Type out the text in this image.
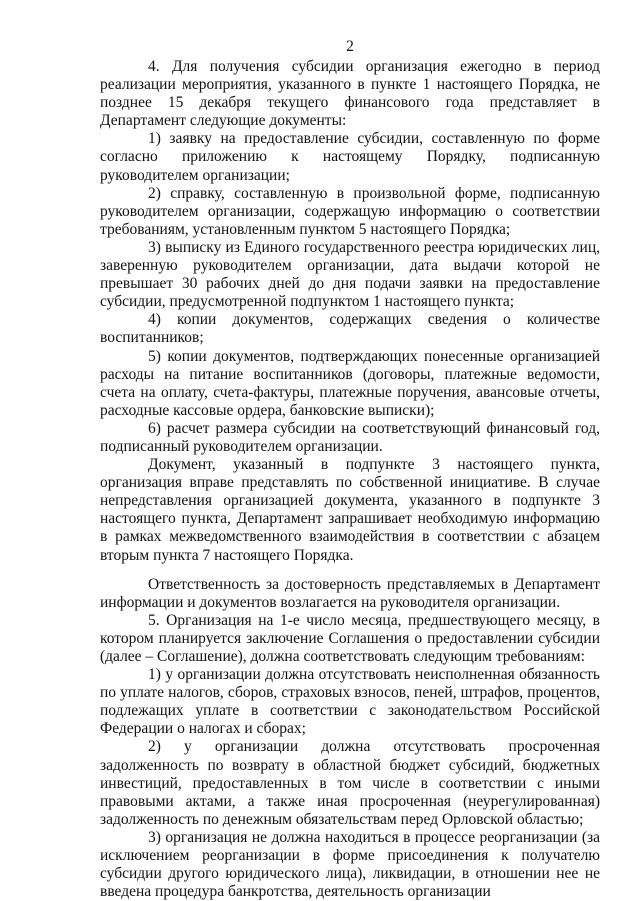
2

4. Для получения субсидии организация ежегодно в период реализации мероприятия, указанного в пункте 1 настоящего Порядка, не позднее 15 декабря текущего финансового года представляет в Департамент следующие документы:

1) заявку на предоставление субсидии, составленную по форме согласно приложению к настоящему Порядку, подписанную руководителем организации;

2) справку, составленную в произвольной форме, подписанную руководителем организации, содержащую информацию о соответствии требованиям, установленным пунктом 5 настоящего Порядка;

3) выписку из Единого государственного реестра юридических лиц, заверенную руководителем организации, дата выдачи которой не превышает 30 рабочих дней до дня подачи заявки на предоставление субсидии, предусмотренной подпунктом 1 настоящего пункта;

4) копии документов, содержащих сведения о количестве воспитанников;

5) копии документов, подтверждающих понесенные организацией расходы на питание воспитанников (договоры, платежные ведомости, счета на оплату, счета-фактуры, платежные поручения, авансовые отчеты, расходные кассовые ордера, банковские выписки);

6) расчет размера субсидии на соответствующий финансовый год, подписанный руководителем организации.

Документ, указанный в подпункте 3 настоящего пункта, организация вправе представлять по собственной инициативе. В случае непредставления организацией документа, указанного в подпункте 3 настоящего пункта, Департамент запрашивает необходимую информацию в рамках межведомственного взаимодействия в соответствии с абзацем вторым пункта 7 настоящего Порядка.

Ответственность за достоверность представляемых в Департамент информации и документов возлагается на руководителя организации.

5. Организация на 1-е число месяца, предшествующего месяцу, в котором планируется заключение Соглашения о предоставлении субсидии (далее – Соглашение), должна соответствовать следующим требованиям:

1) у организации должна отсутствовать неисполненная обязанность по уплате налогов, сборов, страховых взносов, пеней, штрафов, процентов, подлежащих уплате в соответствии с законодательством Российской Федерации о налогах и сборах;

2) у организации должна отсутствовать просроченная задолженность по возврату в областной бюджет субсидий, бюджетных инвестиций, предоставленных в том числе в соответствии с иными правовыми актами, а также иная просроченная (неурегулированная) задолженность по денежным обязательствам перед Орловской областью;

3) организация не должна находиться в процессе реорганизации (за исключением реорганизации в форме присоединения к получателю субсидии другого юридического лица), ликвидации, в отношении нее не введена процедура банкротства, деятельность организации
